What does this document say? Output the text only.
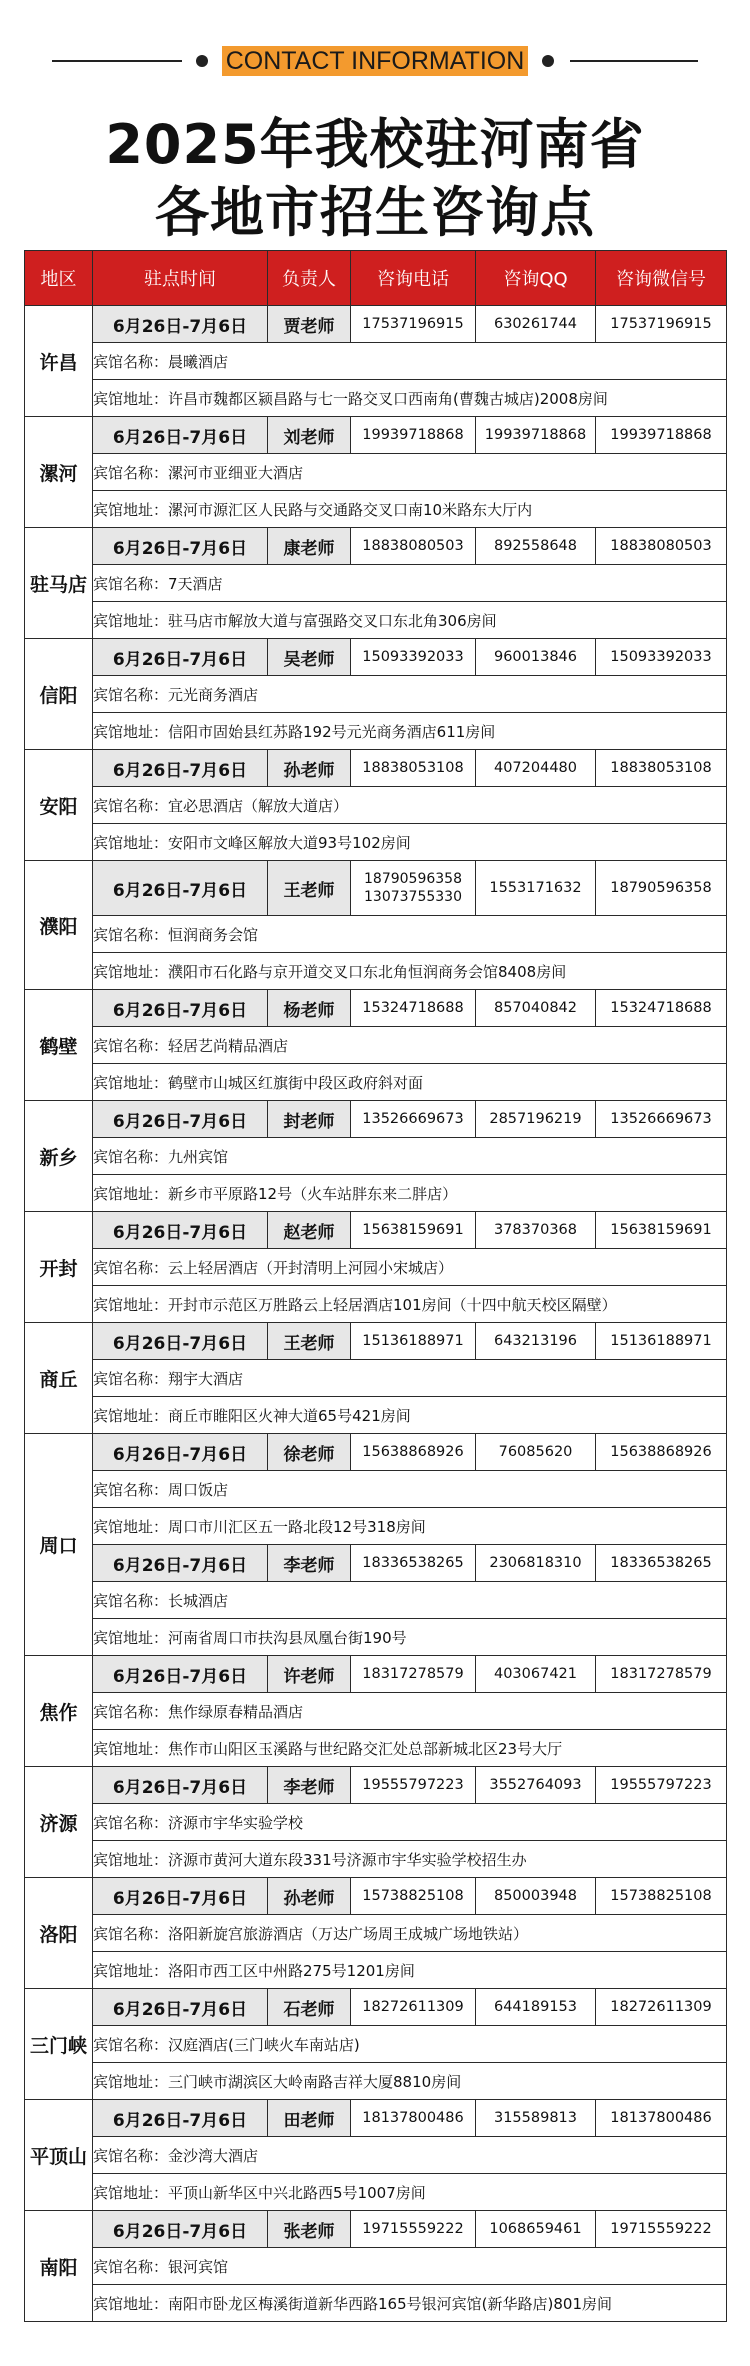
CONTACT INFORMATION
2025年我校驻河南省
各地市招生咨询点
地区	驻点时间	负责人	咨询电话	咨询QQ	咨询微信号
许昌	6月26日-7月6日	贾老师	17537196915	630261744	17537196915
	宾馆名称：晨曦酒店				
	宾馆地址：许昌市魏都区颍昌路与七一路交叉口西南角(曹魏古城店)2008房间				
漯河	6月26日-7月6日	刘老师	19939718868	19939718868	19939718868
	宾馆名称：漯河市亚细亚大酒店				
	宾馆地址：漯河市源汇区人民路与交通路交叉口南10米路东大厅内				
驻马店	6月26日-7月6日	康老师	18838080503	892558648	18838080503
	宾馆名称：7天酒店				
	宾馆地址：驻马店市解放大道与富强路交叉口东北角306房间				
信阳	6月26日-7月6日	吴老师	15093392033	960013846	15093392033
	宾馆名称：元光商务酒店				
	宾馆地址：信阳市固始县红苏路192号元光商务酒店611房间				
安阳	6月26日-7月6日	孙老师	18838053108	407204480	18838053108
	宾馆名称：宜必思酒店（解放大道店）				
	宾馆地址：安阳市文峰区解放大道93号102房间				
濮阳	6月26日-7月6日	王老师	18790596358
13073755330	1553171632	18790596358
	宾馆名称：恒润商务会馆				
	宾馆地址：濮阳市石化路与京开道交叉口东北角恒润商务会馆8408房间				
鹤壁	6月26日-7月6日	杨老师	15324718688	857040842	15324718688
	宾馆名称：轻居艺尚精品酒店				
	宾馆地址：鹤壁市山城区红旗街中段区政府斜对面				
新乡	6月26日-7月6日	封老师	13526669673	2857196219	13526669673
	宾馆名称：九州宾馆				
	宾馆地址：新乡市平原路12号（火车站胖东来二胖店）				
开封	6月26日-7月6日	赵老师	15638159691	378370368	15638159691
	宾馆名称：云上轻居酒店（开封清明上河园小宋城店）				
	宾馆地址：开封市示范区万胜路云上轻居酒店101房间（十四中航天校区隔壁）				
商丘	6月26日-7月6日	王老师	15136188971	643213196	15136188971
	宾馆名称：翔宇大酒店				
	宾馆地址：商丘市睢阳区火神大道65号421房间				
周口	6月26日-7月6日	徐老师	15638868926	76085620	15638868926
	宾馆名称：周口饭店				
	宾馆地址：周口市川汇区五一路北段12号318房间				
	6月26日-7月6日	李老师	18336538265	2306818310	18336538265
	宾馆名称：长城酒店				
	宾馆地址：河南省周口市扶沟县凤凰台街190号				
焦作	6月26日-7月6日	许老师	18317278579	403067421	18317278579
	宾馆名称：焦作绿原春精品酒店				
	宾馆地址：焦作市山阳区玉溪路与世纪路交汇处总部新城北区23号大厅				
济源	6月26日-7月6日	李老师	19555797223	3552764093	19555797223
	宾馆名称：济源市宇华实验学校				
	宾馆地址：济源市黄河大道东段331号济源市宇华实验学校招生办				
洛阳	6月26日-7月6日	孙老师	15738825108	850003948	15738825108
	宾馆名称：洛阳新旋宫旅游酒店（万达广场周王成城广场地铁站）				
	宾馆地址：洛阳市西工区中州路275号1201房间				
三门峡	6月26日-7月6日	石老师	18272611309	644189153	18272611309
	宾馆名称：汉庭酒店(三门峡火车南站店)				
	宾馆地址：三门峡市湖滨区大岭南路吉祥大厦8810房间				
平顶山	6月26日-7月6日	田老师	18137800486	315589813	18137800486
	宾馆名称：金沙湾大酒店				
	宾馆地址：平顶山新华区中兴北路西5号1007房间				
南阳	6月26日-7月6日	张老师	19715559222	1068659461	19715559222
	宾馆名称：银河宾馆				
	宾馆地址：南阳市卧龙区梅溪街道新华西路165号银河宾馆(新华路店)801房间				
